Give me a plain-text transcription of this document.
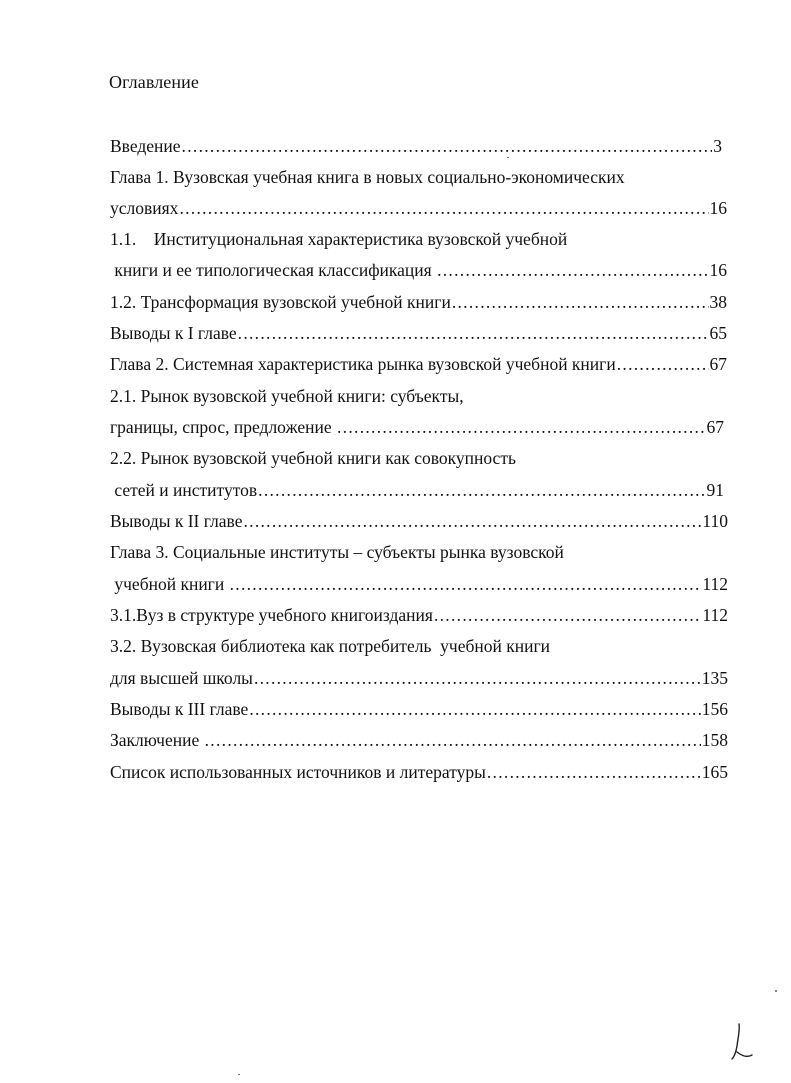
Оглавление
Введение .....	3
Глава 1. Вузовская учебная книга в новых социально-экономических
условиях .....	16
1.1.    Институциональная характеристика вузовской учебной
книги и ее типологическая классификация .....	16
1.2. Трансформация вузовской учебной книги .....	38
Выводы к I главе .....	65
Глава 2. Системная характеристика рынка вузовской учебной книги .....	67
2.1. Рынок вузовской учебной книги: субъекты,
границы, спрос, предложение .....	67
2.2. Рынок вузовской учебной книги как совокупность
сетей и институтов .....	91
Выводы к II главе .....	110
Глава 3. Социальные институты – субъекты рынка вузовской
учебной книги .....	112
3.1.Вуз в структуре учебного книгоиздания .....	112
3.2. Вузовская библиотека как потребитель  учебной книги
для высшей школы .....	135
Выводы к III главе .....	156
Заключение .....	158
Список использованных источников и литературы .....	165
